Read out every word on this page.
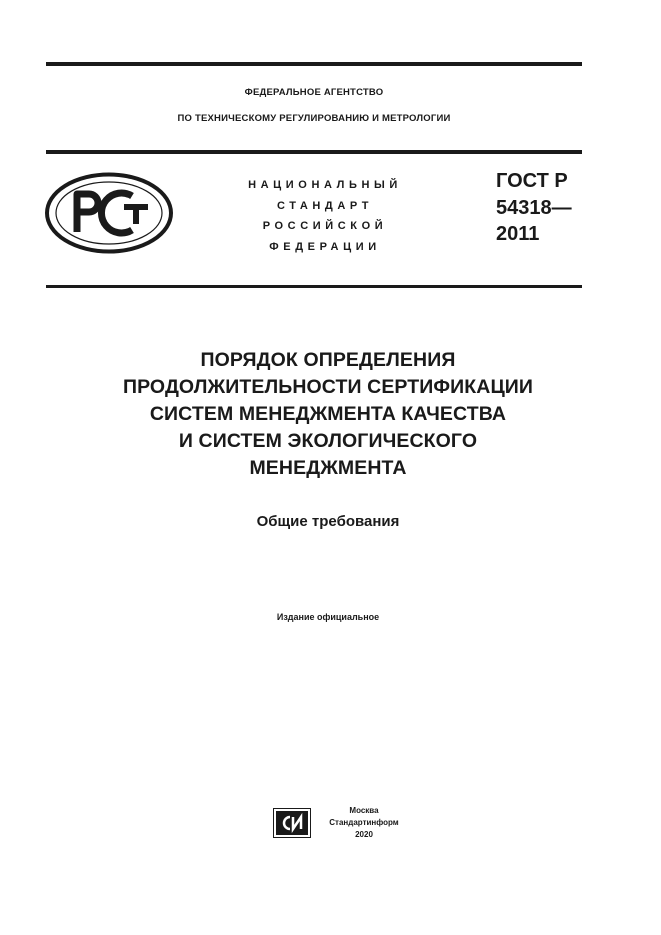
ФЕДЕРАЛЬНОЕ АГЕНТСТВО
ПО ТЕХНИЧЕСКОМУ РЕГУЛИРОВАНИЮ И МЕТРОЛОГИИ
НАЦИОНАЛЬНЫЙ
СТАНДАРТ
РОССИЙСКОЙ
ФЕДЕРАЦИИ
ГОСТ Р
54318—
2011
ПОРЯДОК ОПРЕДЕЛЕНИЯ
ПРОДОЛЖИТЕЛЬНОСТИ СЕРТИФИКАЦИИ
СИСТЕМ МЕНЕДЖМЕНТА КАЧЕСТВА
И СИСТЕМ ЭКОЛОГИЧЕСКОГО
МЕНЕДЖМЕНТА
Общие требования
Издание официальное
Москва
Стандартинформ
2020
